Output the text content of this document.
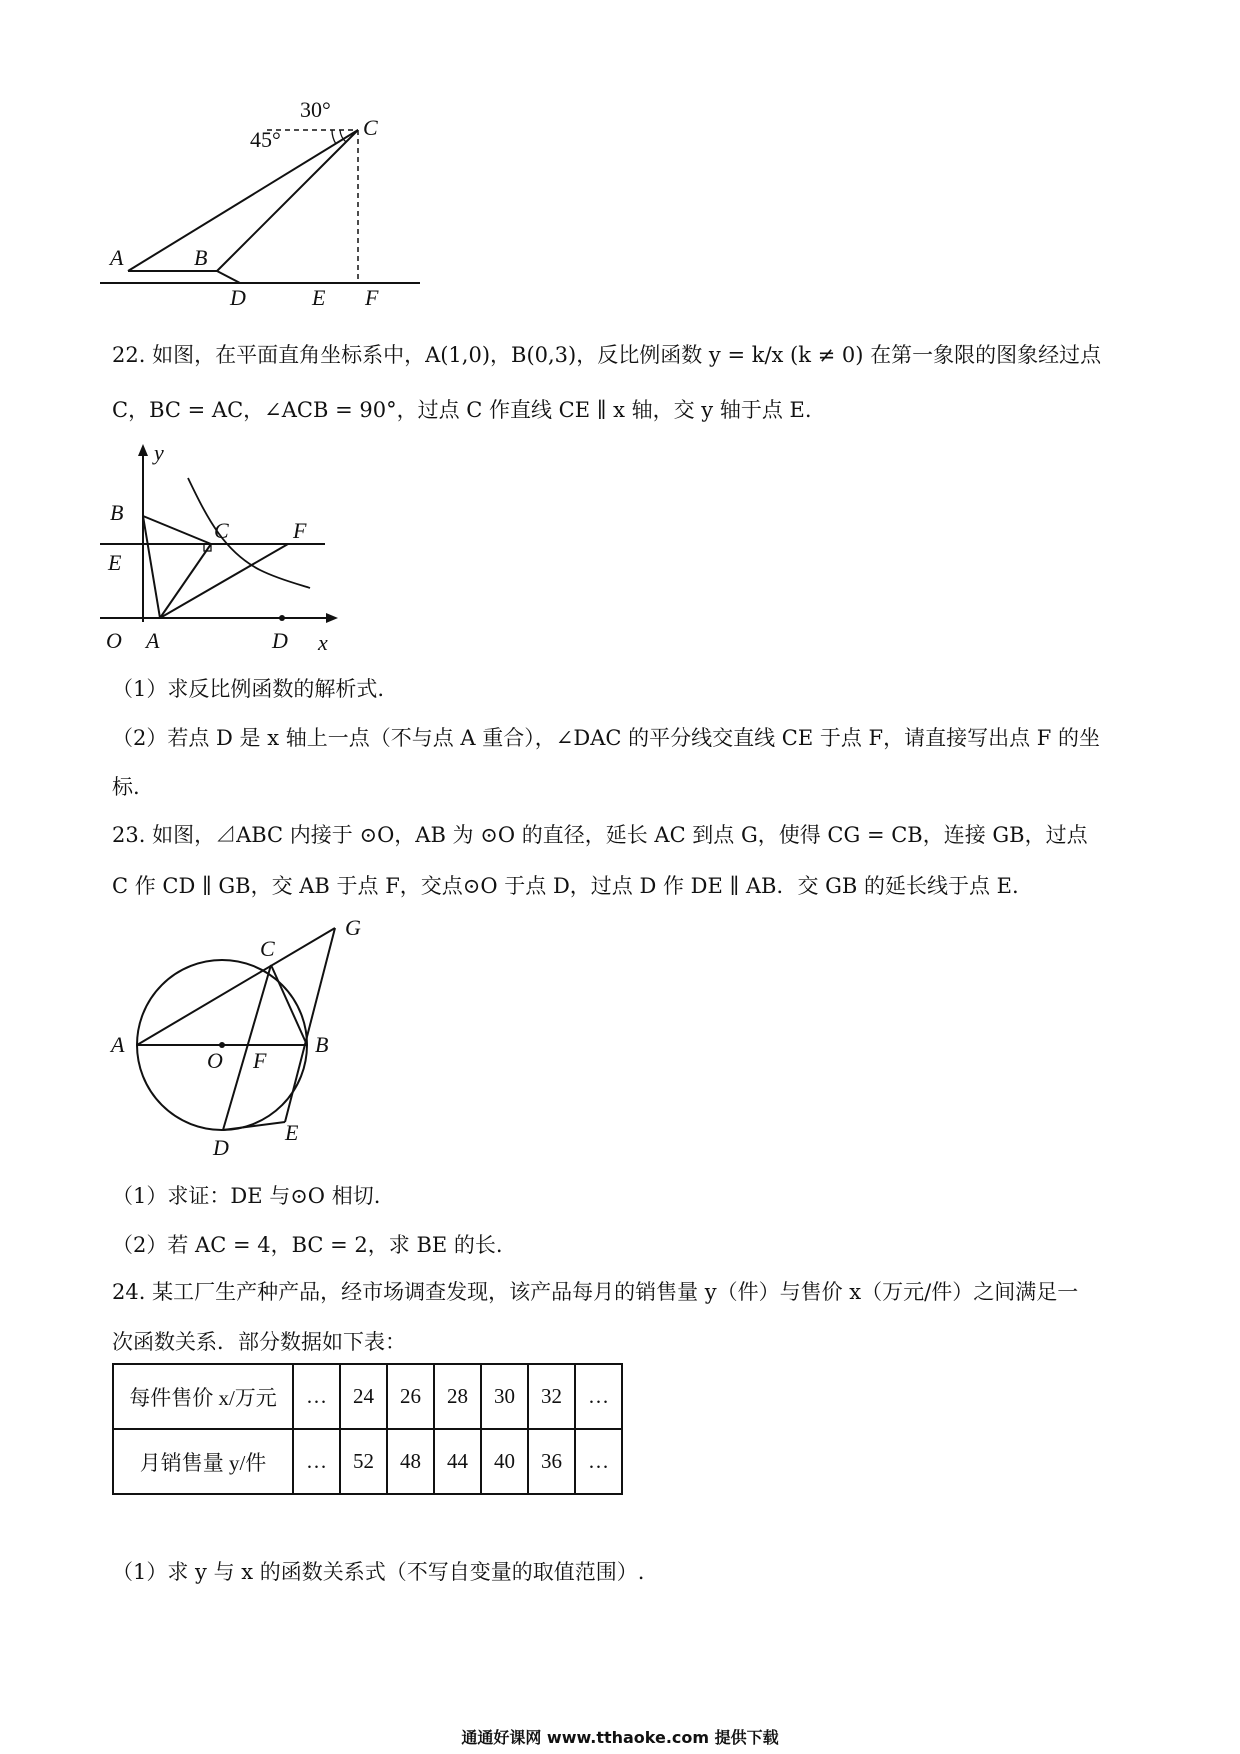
30°
45°	C
A	B
D	E F
22. 如图，在平面直角坐标系中，A(1,0)，B(0,3)，反比例函数 y = k/x (k ≠ 0) 在第一象限的图象经过点
C，BC = AC，∠ACB = 90°，过点 C 作直线 CE ∥ x 轴，交 y 轴于点 E.
y
B
C	F
E
O A	D x
（1）求反比例函数的解析式.
（2）若点 D 是 x 轴上一点（不与点 A 重合），∠DAC 的平分线交直线 CE 于点 F，请直接写出点 F 的坐
标.
23. 如图，⊿ABC 内接于 ⊙O，AB 为 ⊙O 的直径，延长 AC 到点 G，使得 CG = CB，连接 GB，过点
C 作 CD ∥ GB，交 AB 于点 F，交点⊙O 于点 D，过点 D 作 DE ∥ AB．交 GB 的延长线于点 E.
G
C
A
O F
B
D
E
（1）求证：DE 与⊙O 相切.
（2）若 AC = 4，BC = 2，求 BE 的长.
24. 某工厂生产种产品，经市场调查发现，该产品每月的销售量 y（件）与售价 x（万元/件）之间满足一
次函数关系．部分数据如下表：
每件售价 x/万元	…	24	26	28	30	32	…
月销售量 y/件	…	52	48	44	40	36	…
（1）求 y 与 x 的函数关系式（不写自变量的取值范围）.
通通好课网 www.tthaoke.com 提供下载
